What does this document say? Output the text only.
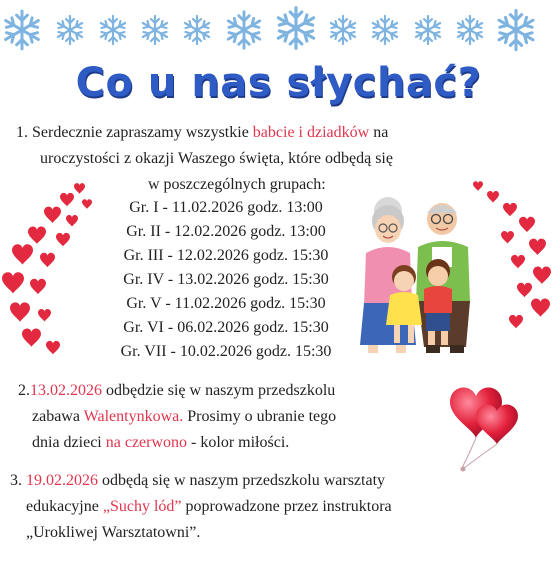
Co u nas słychać?
1. Serdecznie zapraszamy wszystkie babcie i dziadków na
uroczystości z okazji Waszego święta, które odbędą się
w poszczególnych grupach:
Gr. I - 11.02.2026 godz. 13:00
Gr. II - 12.02.2026 godz. 13:00
Gr. III - 12.02.2026 godz. 15:30
Gr. IV - 13.02.2026 godz. 15:30
Gr. V - 11.02.2026 godz. 15:30
Gr. VI - 06.02.2026 godz. 15:30
Gr. VII - 10.02.2026 godz. 15:30
2.13.02.2026 odbędzie się w naszym przedszkolu
zabawa Walentynkowa. Prosimy o ubranie tego
dnia dzieci na czerwono - kolor miłości.
3. 19.02.2026 odbędą się w naszym przedszkolu warsztaty
edukacyjne „Suchy lód” poprowadzone przez instruktora
„Urokliwej Warsztatowni”.
